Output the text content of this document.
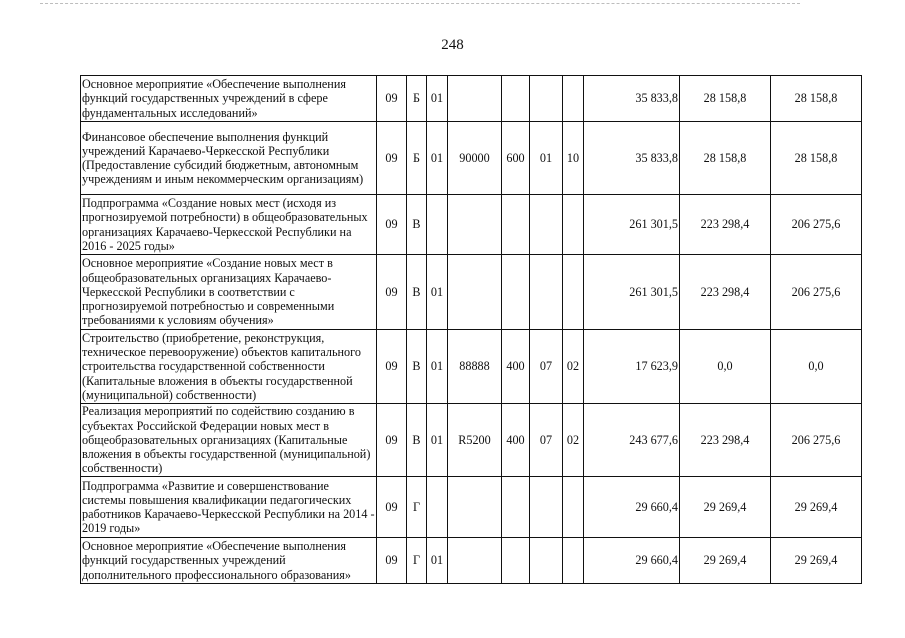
248
Основное мероприятие «Обеспечение выполнения функций государственных учреждений в сфере фундаментальных исследований»	09	Б	01					35 833,8	28 158,8	28 158,8
Финансовое обеспечение выполнения функций учреждений Карачаево-Черкесской Республики (Предоставление субсидий бюджетным, автономным учреждениям и иным некоммерческим организациям)	09	Б	01	90000	600	01	10	35 833,8	28 158,8	28 158,8
Подпрограмма «Создание новых мест (исходя из прогнозируемой потребности) в общеобразовательных организациях Карачаево-Черкесской Республики на 2016 - 2025 годы»	09	В						261 301,5	223 298,4	206 275,6
Основное мероприятие «Создание новых мест в общеобразовательных организациях Карачаево-Черкесской Республики в соответствии с прогнозируемой потребностью и современными требованиями к условиям обучения»	09	В	01					261 301,5	223 298,4	206 275,6
Строительство (приобретение, реконструкция, техническое перевооружение) объектов капитального строительства государственной собственности (Капитальные вложения в объекты государственной (муниципальной) собственности)	09	В	01	88888	400	07	02	17 623,9	0,0	0,0
Реализация мероприятий по содействию созданию в субъектах Российской Федерации новых мест в общеобразовательных организациях (Капитальные вложения в объекты государственной (муниципальной) собственности)	09	В	01	R5200	400	07	02	243 677,6	223 298,4	206 275,6
Подпрограмма «Развитие и совершенствование системы повышения квалификации педагогических работников Карачаево-Черкесской Республики на 2014 - 2019 годы»	09	Г						29 660,4	29 269,4	29 269,4
Основное мероприятие «Обеспечение выполнения функций государственных учреждений дополнительного профессионального образования»	09	Г	01					29 660,4	29 269,4	29 269,4
